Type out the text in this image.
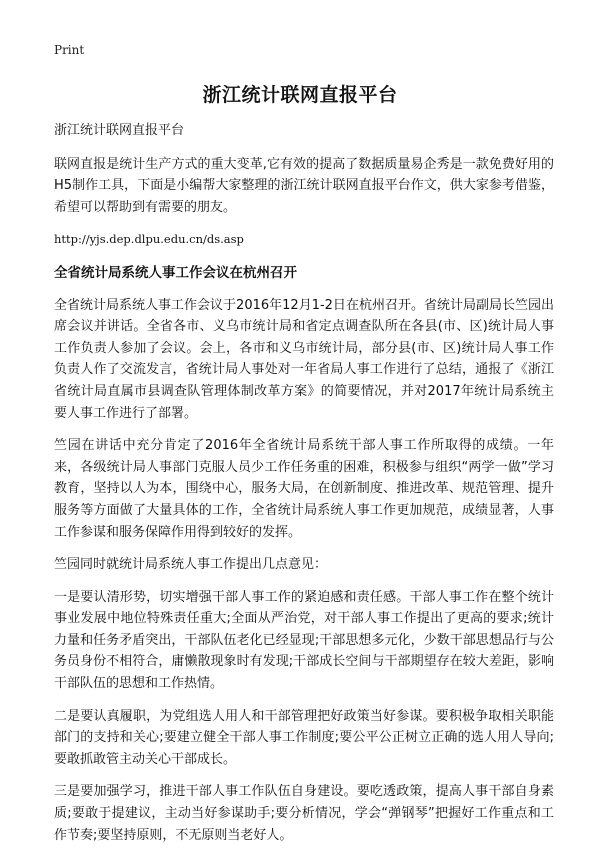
Print
浙江统计联网直报平台

浙江统计联网直报平台

联网直报是统计生产方式的重大变革,它有效的提高了数据质量易企秀是一款免费好用的H5制作工具，下面是小编帮大家整理的浙江统计联网直报平台作文，供大家参考借鉴，希望可以帮助到有需要的朋友。

http://yjs.dep.dlpu.edu.cn/ds.asp

全省统计局系统人事工作会议在杭州召开

全省统计局系统人事工作会议于2016年12月1-2日在杭州召开。省统计局副局长竺园出席会议并讲话。全省各市、义乌市统计局和省定点调查队所在各县(市、区)统计局人事工作负责人参加了会议。会上，各市和义乌市统计局，部分县(市、区)统计局人事工作负责人作了交流发言，省统计局人事处对一年省局人事工作进行了总结，通报了《浙江省统计局直属市县调查队管理体制改革方案》的简要情况，并对2017年统计局系统主要人事工作进行了部署。

竺园在讲话中充分肯定了2016年全省统计局系统干部人事工作所取得的成绩。一年来，各级统计局人事部门克服人员少工作任务重的困难，积极参与组织“两学一做”学习教育，坚持以人为本，围绕中心，服务大局，在创新制度、推进改革、规范管理、提升服务等方面做了大量具体的工作，全省统计局系统人事工作更加规范，成绩显著，人事工作参谋和服务保障作用得到较好的发挥。

竺园同时就统计局系统人事工作提出几点意见：

一是要认清形势，切实增强干部人事工作的紧迫感和责任感。干部人事工作在整个统计事业发展中地位特殊责任重大;全面从严治党，对干部人事工作提出了更高的要求;统计力量和任务矛盾突出，干部队伍老化已经显现;干部思想多元化，少数干部思想品行与公务员身份不相符合，庸懒散现象时有发现;干部成长空间与干部期望存在较大差距，影响干部队伍的思想和工作热情。

二是要认真履职，为党组选人用人和干部管理把好政策当好参谋。要积极争取相关职能部门的支持和关心;要建立健全干部人事工作制度;要公平公正树立正确的选人用人导向;要敢抓敢管主动关心干部成长。

三是要加强学习，推进干部人事工作队伍自身建设。要吃透政策，提高人事干部自身素质;要敢于提建议，主动当好参谋助手;要分析情况，学会“弹钢琴”把握好工作重点和工作节奏;要坚持原则，不无原则当老好人。
